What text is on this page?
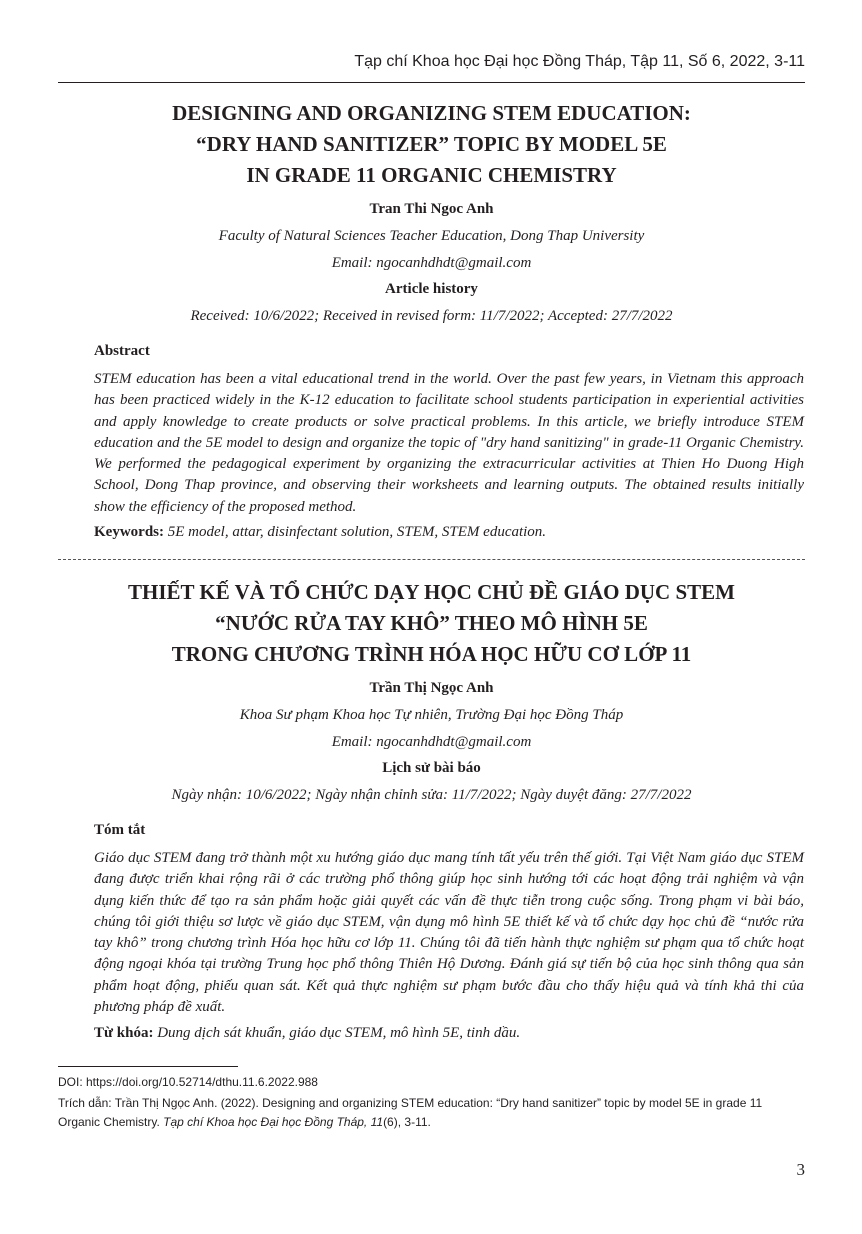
Tạp chí Khoa học Đại học Đồng Tháp, Tập 11, Số 6, 2022, 3-11
DESIGNING AND ORGANIZING STEM EDUCATION:
“DRY HAND SANITIZER” TOPIC BY MODEL 5E
IN GRADE 11 ORGANIC CHEMISTRY
Tran Thi Ngoc Anh
Faculty of Natural Sciences Teacher Education, Dong Thap University
Email: ngocanhdhdt@gmail.com
Article history
Received: 10/6/2022; Received in revised form: 11/7/2022; Accepted: 27/7/2022
Abstract
STEM education has been a vital educational trend in the world. Over the past few years, in Vietnam this approach has been practiced widely in the K-12 education to facilitate school students participation in experiential activities and apply knowledge to create products or solve practical problems. In this article, we briefly introduce STEM education and the 5E model to design and organize the topic of "dry hand sanitizing" in grade-11 Organic Chemistry. We performed the pedagogical experiment by organizing the extracurricular activities at Thien Ho Duong High School, Dong Thap province, and observing their worksheets and learning outputs. The obtained results initially show the efficiency of the proposed method.
Keywords: 5E model, attar, disinfectant solution, STEM, STEM education.
THIẾT KẾ VÀ TỔ CHỨC DẠY HỌC CHỦ ĐỀ GIÁO DỤC STEM
“NƯỚC RỬA TAY KHÔ” THEO MÔ HÌNH 5E
TRONG CHƯƠNG TRÌNH HÓA HỌC HỮU CƠ LỚP 11
Trần Thị Ngọc Anh
Khoa Sư phạm Khoa học Tự nhiên, Trường Đại học Đồng Tháp
Email: ngocanhdhdt@gmail.com
Lịch sử bài báo
Ngày nhận: 10/6/2022; Ngày nhận chỉnh sửa: 11/7/2022; Ngày duyệt đăng: 27/7/2022
Tóm tắt
Giáo dục STEM đang trở thành một xu hướng giáo dục mang tính tất yếu trên thế giới. Tại Việt Nam giáo dục STEM đang được triển khai rộng rãi ở các trường phổ thông giúp học sinh hướng tới các hoạt động trải nghiệm và vận dụng kiến thức để tạo ra sản phẩm hoặc giải quyết các vấn đề thực tiễn trong cuộc sống. Trong phạm vi bài báo, chúng tôi giới thiệu sơ lược về giáo dục STEM, vận dụng mô hình 5E thiết kế và tổ chức dạy học chủ đề “nước rửa tay khô” trong chương trình Hóa học hữu cơ lớp 11. Chúng tôi đã tiến hành thực nghiệm sư phạm qua tổ chức hoạt động ngoại khóa tại trường Trung học phổ thông Thiên Hộ Dương. Đánh giá sự tiến bộ của học sinh thông qua sản phẩm hoạt động, phiếu quan sát. Kết quả thực nghiệm sư phạm bước đầu cho thấy hiệu quả và tính khả thi của phương pháp đề xuất.
Từ khóa: Dung dịch sát khuẩn, giáo dục STEM, mô hình 5E, tinh dầu.
DOI: https://doi.org/10.52714/dthu.11.6.2022.988
Trích dẫn: Trần Thị Ngọc Anh. (2022). Designing and organizing STEM education: “Dry hand sanitizer” topic by model 5E in grade 11 Organic Chemistry. Tạp chí Khoa học Đại học Đồng Tháp, 11(6), 3-11.
3
